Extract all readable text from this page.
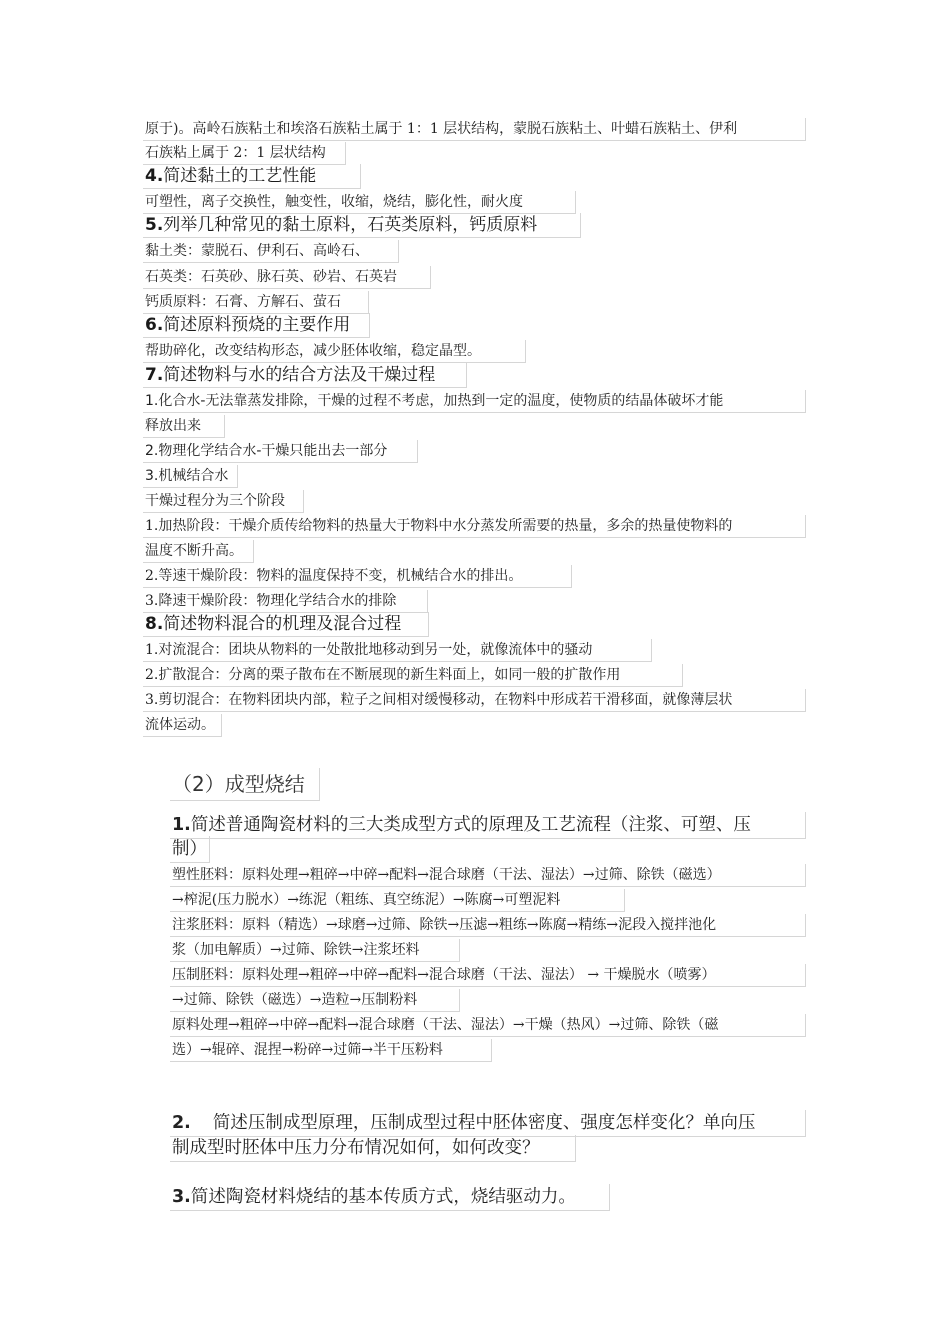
原于)。高岭石族粘土和埃洛石族粘土属于 1：1 层状结构，蒙脱石族粘土、叶蜡石族粘土、伊利
石族粘上属于 2：1 层状结构
4.简述黏土的工艺性能
可塑性，离子交换性，触变性，收缩，烧结，膨化性，耐火度
5.列举几种常见的黏土原料，石英类原料，钙质原料
黏土类：蒙脱石、伊利石、高岭石、
石英类：石英砂、脉石英、砂岩、石英岩
钙质原料：石膏、方解石、萤石
6.简述原料预烧的主要作用
帮助碎化，改变结构形态，减少胚体收缩，稳定晶型。
7.简述物料与水的结合方法及干燥过程
1.化合水-无法靠蒸发排除，干燥的过程不考虑，加热到一定的温度，使物质的结晶体破坏才能
释放出来
2.物理化学结合水-干燥只能出去一部分
3.机械结合水
干燥过程分为三个阶段
1.加热阶段：干燥介质传给物料的热量大于物料中水分蒸发所需要的热量，多余的热量使物料的
温度不断升高。
2.等速干燥阶段：物料的温度保持不变，机械结合水的排出。
3.降速干燥阶段：物理化学结合水的排除
8.简述物料混合的机理及混合过程
1.对流混合：团块从物料的一处散批地移动到另一处，就像流体中的骚动
2.扩散混合：分离的栗子散布在不断展现的新生料面上，如同一般的扩散作用
3.剪切混合：在物料团块内部，粒子之间相对缓慢移动，在物料中形成若干滑移面，就像薄层状
流体运动。
（2）成型烧结
1.简述普通陶瓷材料的三大类成型方式的原理及工艺流程（注浆、可塑、压
制）
塑性胚料：原料处理→粗碎→中碎→配料→混合球磨（干法、湿法）→过筛、除铁（磁选）
→榨泥(压力脱水）→练泥（粗练、真空练泥）→陈腐→可塑泥料
注浆胚料：原料（精选）→球磨→过筛、除铁→压滤→粗练→陈腐→精练→泥段入搅拌池化
浆（加电解质）→过筛、除铁→注浆坯料
压制胚料：原料处理→粗碎→中碎→配料→混合球磨（干法、湿法） → 干燥脱水（喷雾）
→过筛、除铁（磁选）→造粒→压制粉料
原料处理→粗碎→中碎→配料→混合球磨（干法、湿法）→干燥（热风）→过筛、除铁（磁
选）→辊碎、混捏→粉碎→过筛→半干压粉料
2. 简述压制成型原理，压制成型过程中胚体密度、强度怎样变化？单向压
制成型时胚体中压力分布情况如何，如何改变？
3.简述陶瓷材料烧结的基本传质方式，烧结驱动力。
